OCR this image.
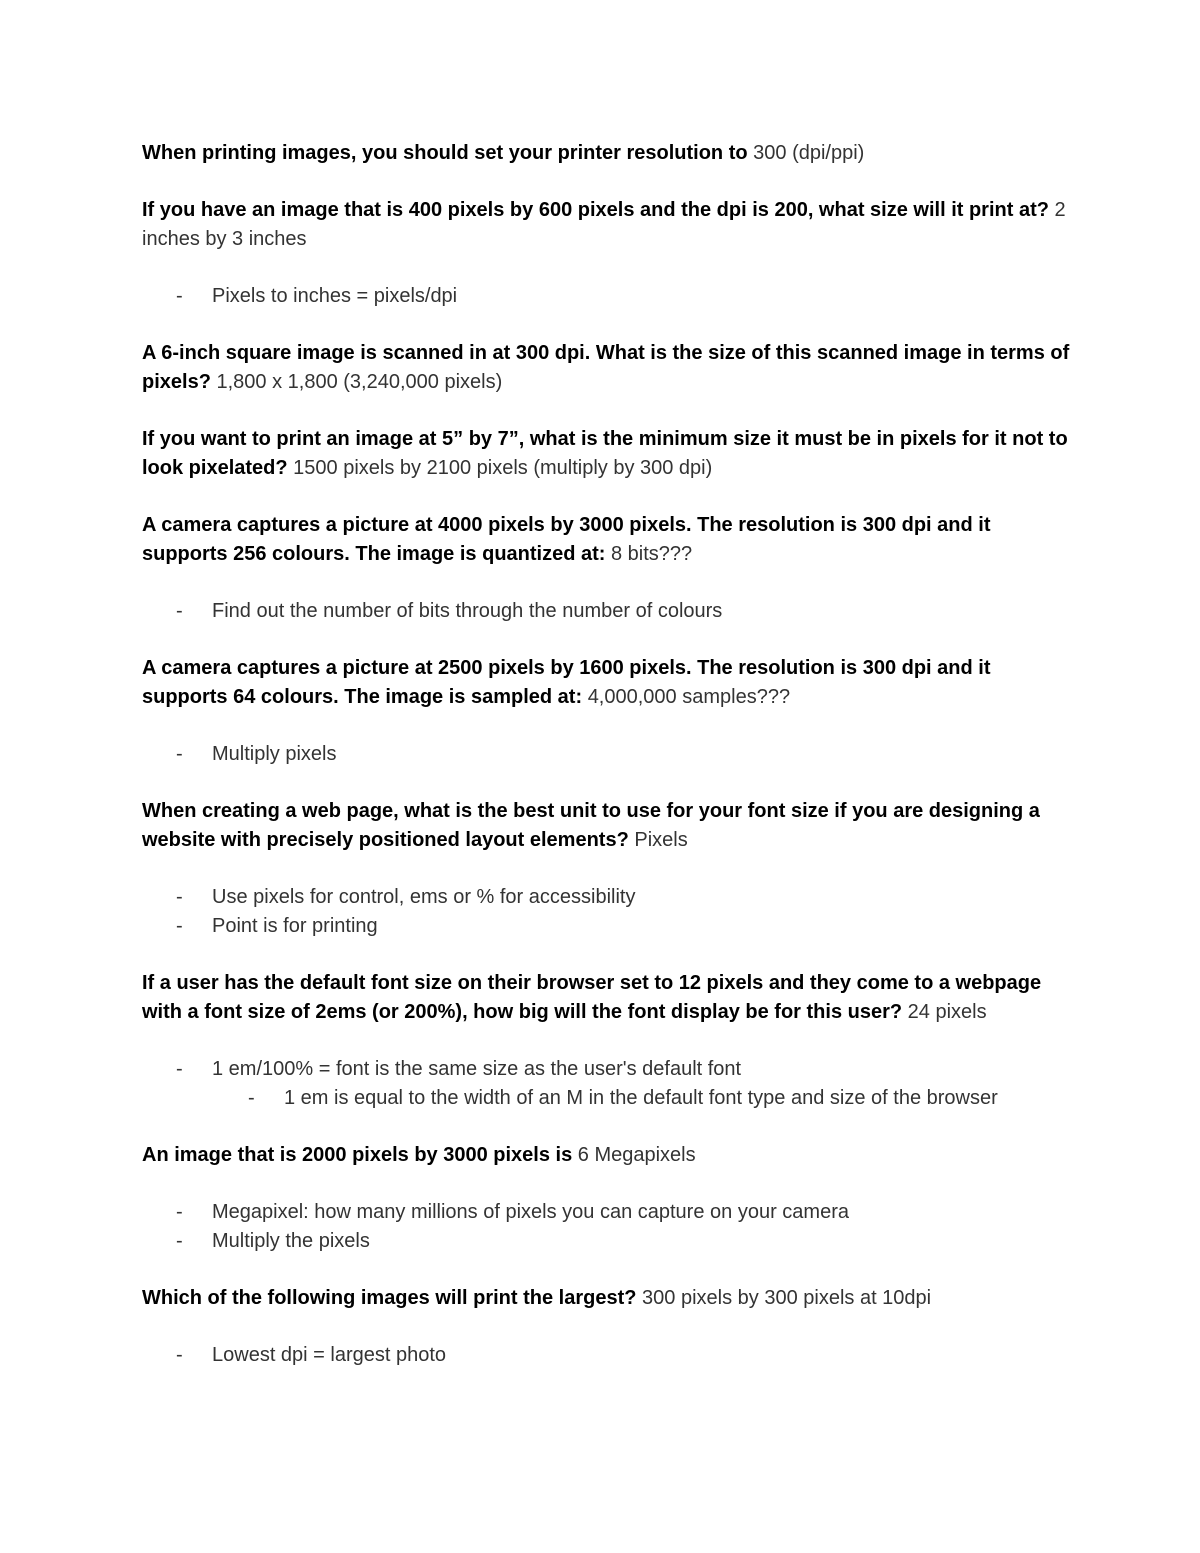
When printing images, you should set your printer resolution to 300 (dpi/ppi)

If you have an image that is 400 pixels by 600 pixels and the dpi is 200, what size will it print at? 2 inches by 3 inches

- Pixels to inches = pixels/dpi

A 6-inch square image is scanned in at 300 dpi. What is the size of this scanned image in terms of pixels? 1,800 x 1,800 (3,240,000 pixels)

If you want to print an image at 5” by 7”, what is the minimum size it must be in pixels for it not to look pixelated? 1500 pixels by 2100 pixels (multiply by 300 dpi)

A camera captures a picture at 4000 pixels by 3000 pixels. The resolution is 300 dpi and it supports 256 colours. The image is quantized at: 8 bits???

- Find out the number of bits through the number of colours

A camera captures a picture at 2500 pixels by 1600 pixels. The resolution is 300 dpi and it supports 64 colours. The image is sampled at: 4,000,000 samples???

- Multiply pixels

When creating a web page, what is the best unit to use for your font size if you are designing a website with precisely positioned layout elements? Pixels

- Use pixels for control, ems or % for accessibility
- Point is for printing

If a user has the default font size on their browser set to 12 pixels and they come to a webpage with a font size of 2ems (or 200%), how big will the font display be for this user? 24 pixels

- 1 em/100% = font is the same size as the user's default font
- 1 em is equal to the width of an M in the default font type and size of the browser

An image that is 2000 pixels by 3000 pixels is 6 Megapixels

- Megapixel: how many millions of pixels you can capture on your camera
- Multiply the pixels

Which of the following images will print the largest? 300 pixels by 300 pixels at 10dpi

- Lowest dpi = largest photo
